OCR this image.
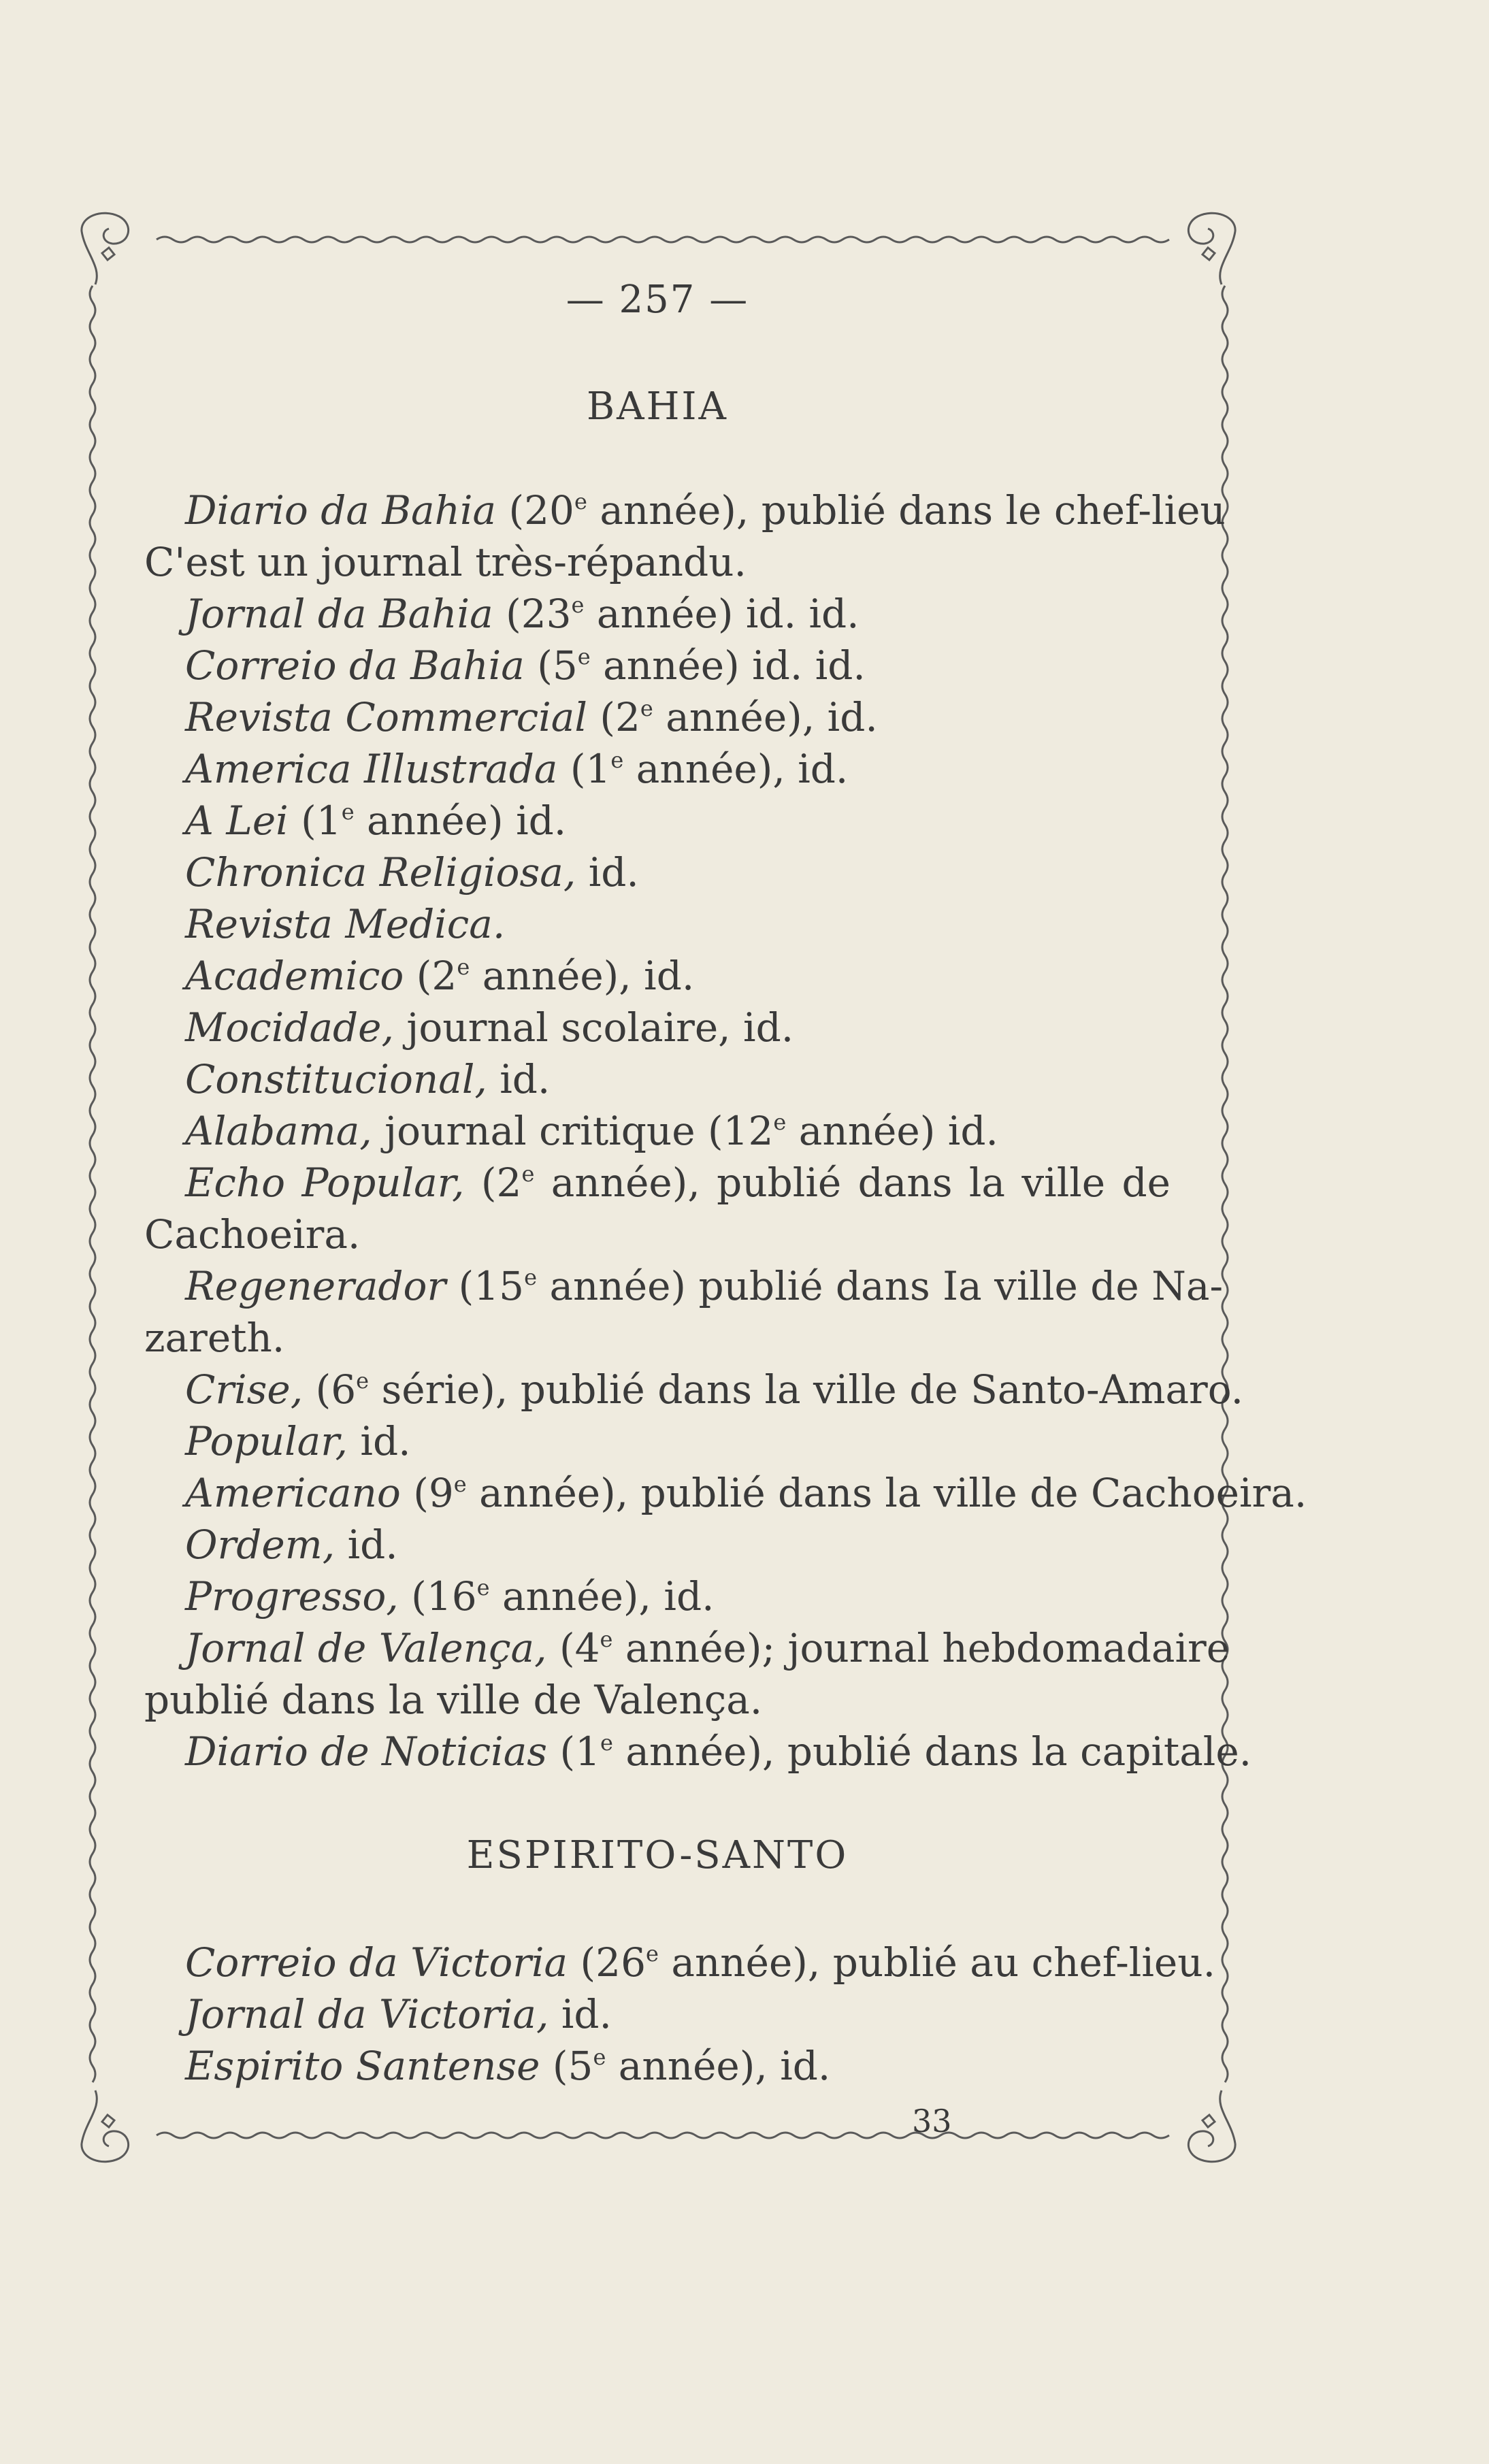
— 257 —
BAHIA
Diario da Bahia (20e année), publié dans le chef-lieu
C'est un journal très-répandu.
Jornal da Bahia (23e année) id. id.
Correio da Bahia (5e année) id. id.
Revista Commercial (2e année), id.
America Illustrada (1e année), id.
A Lei (1e année) id.
Chronica Religiosa, id.
Revista Medica.
Academico (2e année), id.
Mocidade, journal scolaire, id.
Constitucional, id.
Alabama, journal critique (12e année) id.
Echo Popular, (2e année), publié dans la ville de
Cachoeira.
Regenerador (15e année) publié dans Ia ville de Na-
zareth.
Crise, (6e série), publié dans la ville de Santo-Amaro.
Popular, id.
Americano (9e année), publié dans la ville de Cachoeira.
Ordem, id.
Progresso, (16e année), id.
Jornal de Valença, (4e année); journal hebdomadaire
publié dans la ville de Valença.
Diario de Noticias (1e année), publié dans la capitale.
ESPIRITO-SANTO
Correio da Victoria (26e année), publié au chef-lieu.
Jornal da Victoria, id.
Espirito Santense (5e année), id.
33
